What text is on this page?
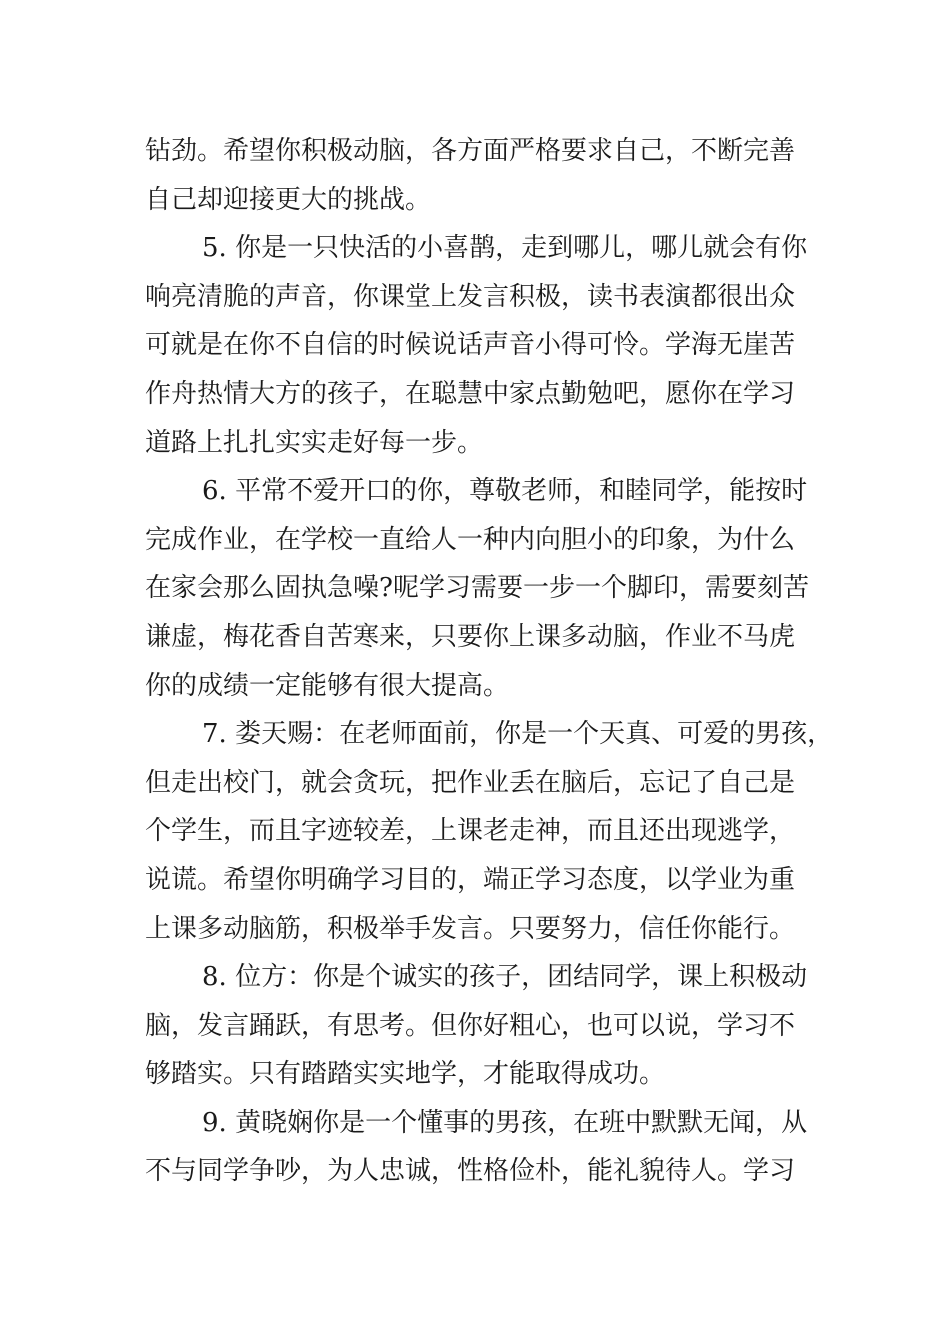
钻劲。希望你积极动脑，各方面严格要求自己，不断完善
自己却迎接更大的挑战。
5. 你是一只快活的小喜鹊，走到哪儿，哪儿就会有你
响亮清脆的声音，你课堂上发言积极，读书表演都很出众
可就是在你不自信的时候说话声音小得可怜。学海无崖苦
作舟热情大方的孩子，在聪慧中家点勤勉吧，愿你在学习
道路上扎扎实实走好每一步。
6. 平常不爱开口的你，尊敬老师，和睦同学，能按时
完成作业，在学校一直给人一种内向胆小的印象，为什么
在家会那么固执急噪?呢学习需要一步一个脚印，需要刻苦
谦虚，梅花香自苦寒来，只要你上课多动脑，作业不马虎
你的成绩一定能够有很大提高。
7. 娄天赐：在老师面前，你是一个天真、可爱的男孩，
但走出校门，就会贪玩，把作业丢在脑后，忘记了自己是
个学生，而且字迹较差，上课老走神，而且还出现逃学，
说谎。希望你明确学习目的，端正学习态度，以学业为重
上课多动脑筋，积极举手发言。只要努力，信任你能行。
8. 位方：你是个诚实的孩子，团结同学，课上积极动
脑，发言踊跃，有思考。但你好粗心，也可以说，学习不
够踏实。只有踏踏实实地学，才能取得成功。
9. 黄晓娴你是一个懂事的男孩，在班中默默无闻，从
不与同学争吵，为人忠诚，性格俭朴，能礼貌待人。学习
